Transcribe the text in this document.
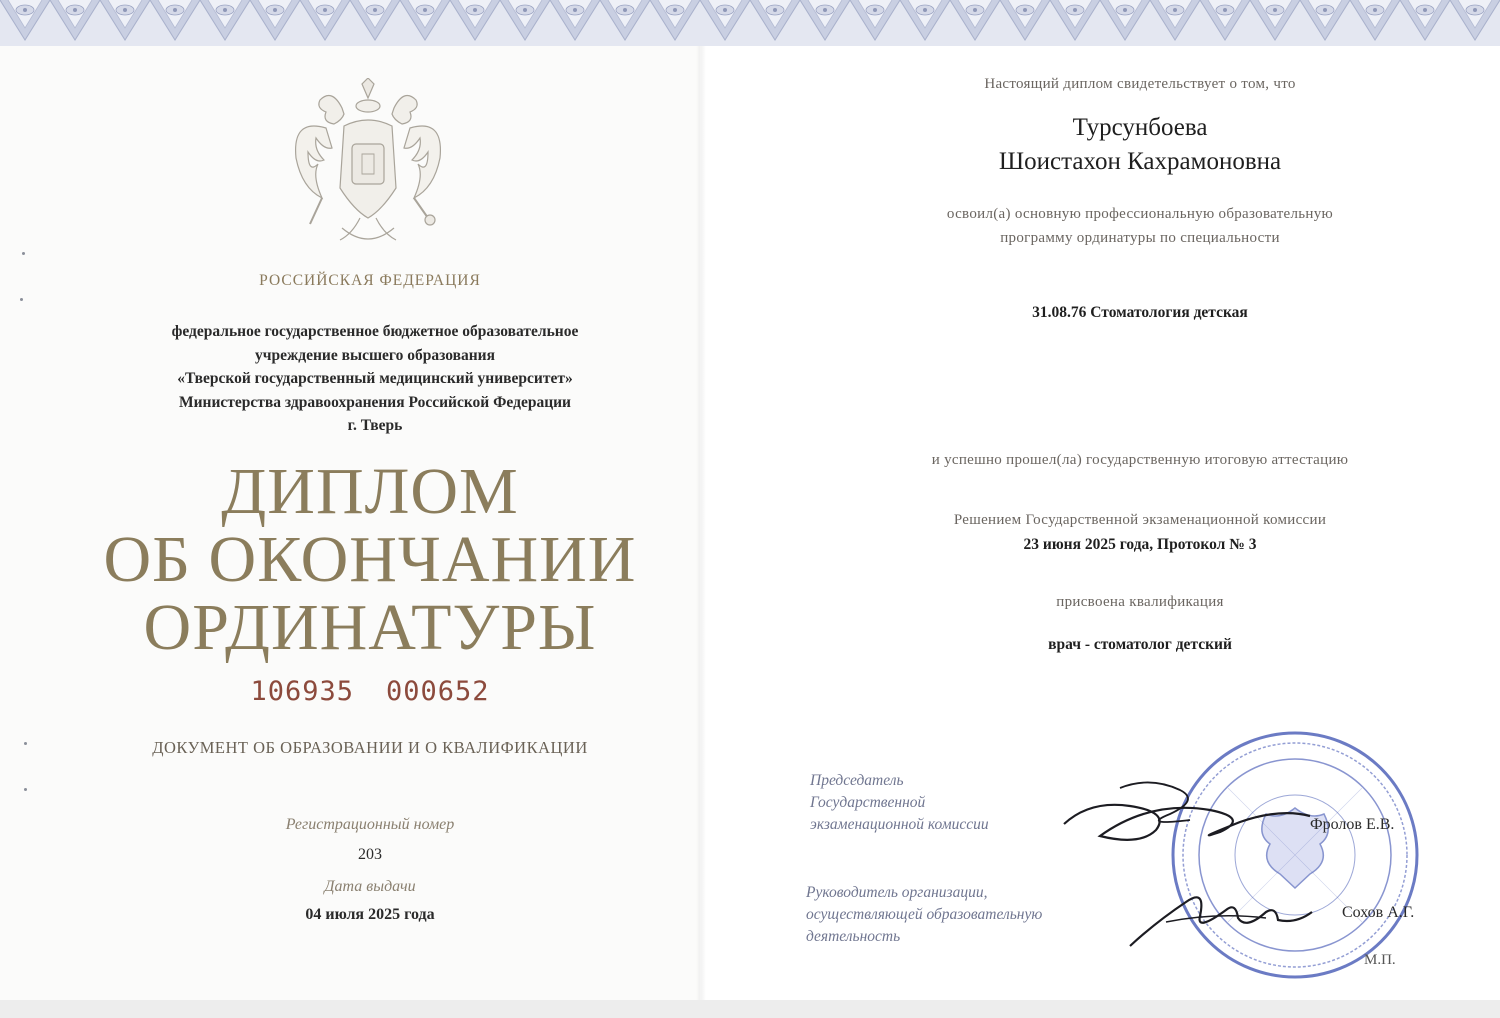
РОССИЙСКАЯ ФЕДЕРАЦИЯ
федеральное государственное бюджетное образовательное
учреждение высшего образования
«Тверской государственный медицинский университет»
Министерства здравоохранения Российской Федерации
г. Тверь
ДИПЛОМ
ОБ ОКОНЧАНИИ
ОРДИНАТУРЫ
106935 000652
ДОКУМЕНТ ОБ ОБРАЗОВАНИИ И О КВАЛИФИКАЦИИ
Регистрационный номер
203
Дата выдачи
04 июля 2025 года
Настоящий диплом свидетельствует о том, что
Турсунбоева
Шоистахон Кахрамоновна
освоил(а) основную профессиональную образовательную
программу ординатуры по специальности
31.08.76 Стоматология детская
и успешно прошел(ла) государственную итоговую аттестацию
Решением Государственной экзаменационной комиссии
23 июня 2025 года, Протокол № 3
присвоена квалификация
врач - стоматолог детский
Председатель
Государственной
экзаменационной комиссии	Фролов Е.В.
Руководитель организации,
осуществляющей образовательную
деятельность
Сохов А.Г.
М.П.
